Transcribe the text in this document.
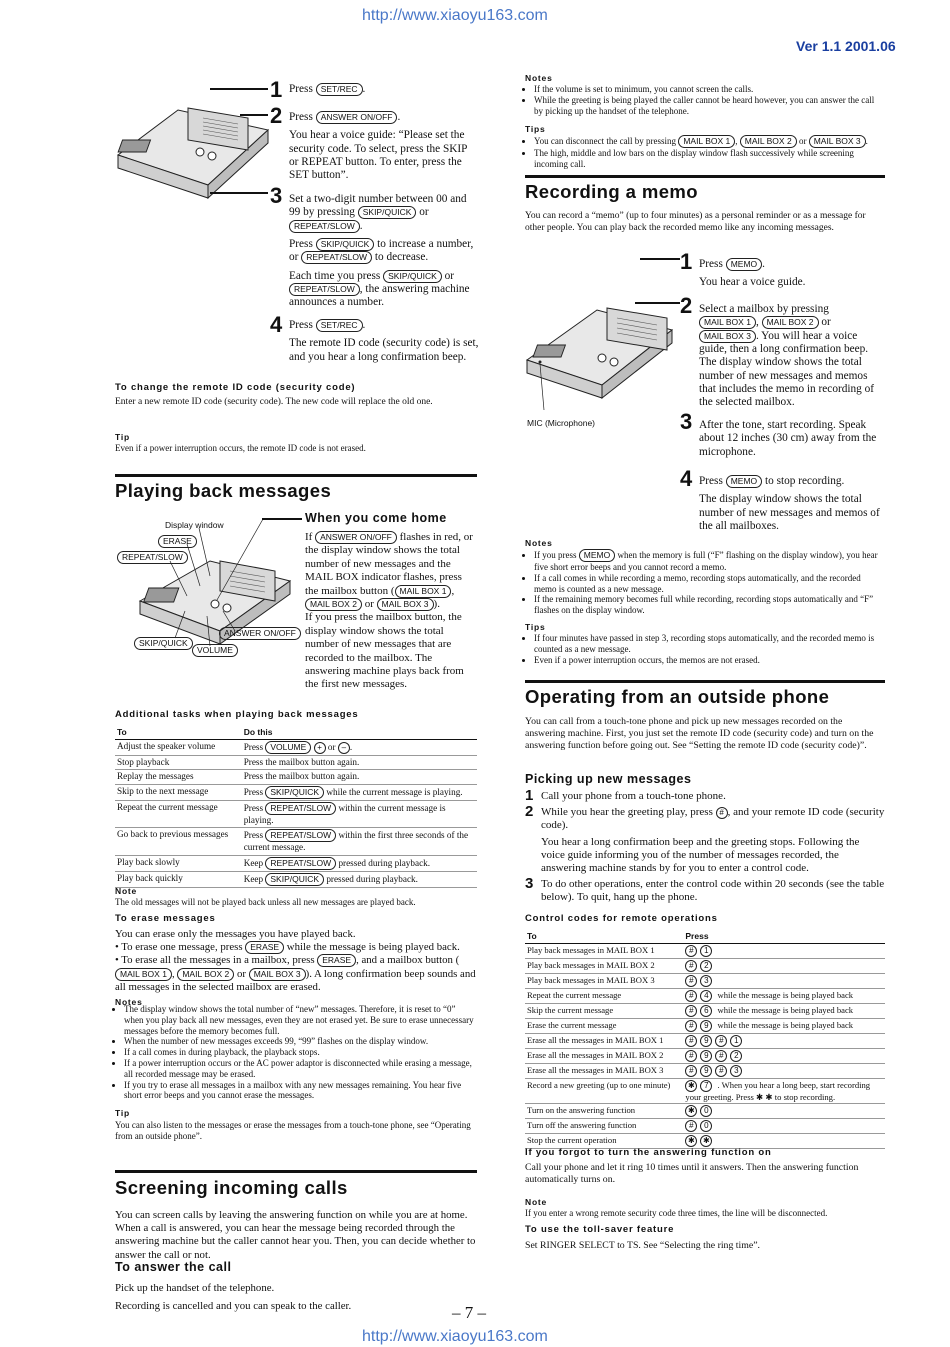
http://www.xiaoyu163.com
Ver 1.1 2001.06
1 Press SET/REC .
2 Press ANSWER ON/OFF .

You hear a voice guide: “Please set the security code. To select, press the SKIP or REPEAT button. To enter, press the SET button”.

3 Set a two-digit number between 00 and 99 by pressing SKIP/QUICK or REPEAT/SLOW .

Press SKIP/QUICK to increase a number, or REPEAT/SLOW to decrease.

Each time you press SKIP/QUICK or REPEAT/SLOW , the answering machine announces a number.

4 Press SET/REC .

The remote ID code (security code) is set, and you hear a long confirmation beep.

To change the remote ID code (security code)
Enter a new remote ID code (security code). The new code will replace the old one.
Tip
Even if a power interruption occurs, the remote ID code is not erased.
Playing back messages
Display window
ERASE
REPEAT/SLOW
SKIP/QUICK
VOLUME
ANSWER ON/OFF
When you come home
If ANSWER ON/OFF flashes in red, or the display window shows the total number of new messages and the MAIL BOX indicator flashes, press the mailbox button ( MAIL BOX 1 , MAIL BOX 2 or MAIL BOX 3 ).
If you press the mailbox button, the display window shows the total number of new messages that are recorded to the mailbox. The answering machine plays back from the first new messages.
Additional tasks when playing back messages
To	Do this
Adjust the speaker volume	Press VOLUME + or – .
Stop playback	Press the mailbox button again.
Replay the messages	Press the mailbox button again.
Skip to the next message	Press SKIP/QUICK while the current message is playing.
Repeat the current message	Press REPEAT/SLOW within the current message is playing.
Go back to previous messages	Press REPEAT/SLOW within the first three seconds of the current message.
Play back slowly	Keep REPEAT/SLOW pressed during playback.
Play back quickly	Keep SKIP/QUICK pressed during playback.
Note
The old messages will not be played back unless all new messages are played back.
To erase messages
You can erase only the messages you have played back.
• To erase one message, press ERASE while the message is being played back.
• To erase all the messages in a mailbox, press ERASE , and a mailbox button (MAIL BOX 1 , MAIL BOX 2 or MAIL BOX 3 ). A long confirmation beep sounds and all messages in the selected mailbox are erased.
Notes
• The display window shows the total number of “new” messages. Therefore, it is reset to “0” when you play back all new messages, even they are not erased yet. Be sure to erase unnecessary messages before the memory becomes full.
• When the number of new messages exceeds 99, “99” flashes on the display window.
• If a call comes in during playback, the playback stops.
• If a power interruption occurs or the AC power adaptor is disconnected while erasing a message, all recorded message may be erased.
• If you try to erase all messages in a mailbox with any new messages remaining. You hear five short error beeps and you cannot erase the messages.
Tip
You can also listen to the messages or erase the messages from a touch-tone phone, see “Operating from an outside phone”.
Screening incoming calls
You can screen calls by leaving the answering function on while you are at home. When a call is answered, you can hear the message being recorded through the answering machine but the caller cannot hear you. Then, you can decide whether to answer the call or not.
To answer the call
Pick up the handset of the telephone.
Recording is cancelled and you can speak to the caller.
Notes
• If the volume is set to minimum, you cannot screen the calls.
• While the greeting is being played the caller cannot be heard however, you can answer the call by picking up the handset of the telephone.
Tips
• You can disconnect the call by pressing MAIL BOX 1 , MAIL BOX 2 or MAIL BOX 3 .
• The high, middle and low bars on the display window flash successively while screening incoming call.
Recording a memo
You can record a “memo” (up to four minutes) as a personal reminder or as a message for other people. You can play back the recorded memo like any incoming messages.
MIC (Microphone)
1 Press MEMO .

You hear a voice guide.

2 Select a mailbox by pressing MAIL BOX 1 , MAIL BOX 2 or MAIL BOX 3 . You will hear a voice guide, then a long confirmation beep. The display window shows the total number of new messages and memos that includes the memo in recording of the selected mailbox.
3 After the tone, start recording. Speak about 12 inches (30 cm) away from the microphone.
4 Press MEMO to stop recording.

The display window shows the total number of new messages and memos of the all mailboxes.

Notes
• If you press MEMO when the memory is full (“F” flashing on the display window), you hear five short error beeps and you cannot record a memo.
• If a call comes in while recording a memo, recording stops automatically, and the recorded memo is counted as a new message.
• If the remaining memory becomes full while recording, recording stops automatically and “F” flashes on the display window.
Tips
• If four minutes have passed in step 3, recording stops automatically, and the recorded memo is counted as a new message.
• Even if a power interruption occurs, the memos are not erased.
Operating from an outside phone
You can call from a touch-tone phone and pick up new messages recorded on the answering machine. First, you just set the remote ID code (security code) and turn on the answering function before going out. See “Setting the remote ID code (security code)”.
Picking up new messages
1 Call your phone from a touch-tone phone.
2 While you hear the greeting play, press # , and your remote ID code (security code).
You hear a long confirmation beep and the greeting stops. Following the voice guide informing you of the number of messages recorded, the answering machine stands by for you to enter a control code.
3 To do other operations, enter the control code within 20 seconds (see the table below). To quit, hang up the phone.
Control codes for remote operations
To	Press
Play back messages in MAIL BOX 1	# 1
Play back messages in MAIL BOX 2	# 2
Play back messages in MAIL BOX 3	# 3
Repeat the current message	# 4 while the message is being played back
Skip the current message	# 6 while the message is being played back
Erase the current message	# 9 while the message is being played back
Erase all the messages in MAIL BOX 1	# 9 # 1
Erase all the messages in MAIL BOX 2	# 9 # 2
Erase all the messages in MAIL BOX 3	# 9 # 3
Record a new greeting (up to one minute)	✱ 7 . When you hear a long beep, start recording your greeting. Press ✱ ✱ to stop recording.
Turn on the answering function	✱ 0
Turn off the answering function	# 0
Stop the current operation	✱ ✱
If you forgot to turn the answering function on
Call your phone and let it ring 10 times until it answers. Then the answering function automatically turns on.
Note
If you enter a wrong remote security code three times, the line will be disconnected.
To use the toll-saver feature
Set RINGER SELECT to TS. See “Selecting the ring time”.
– 7 –
http://www.xiaoyu163.com
